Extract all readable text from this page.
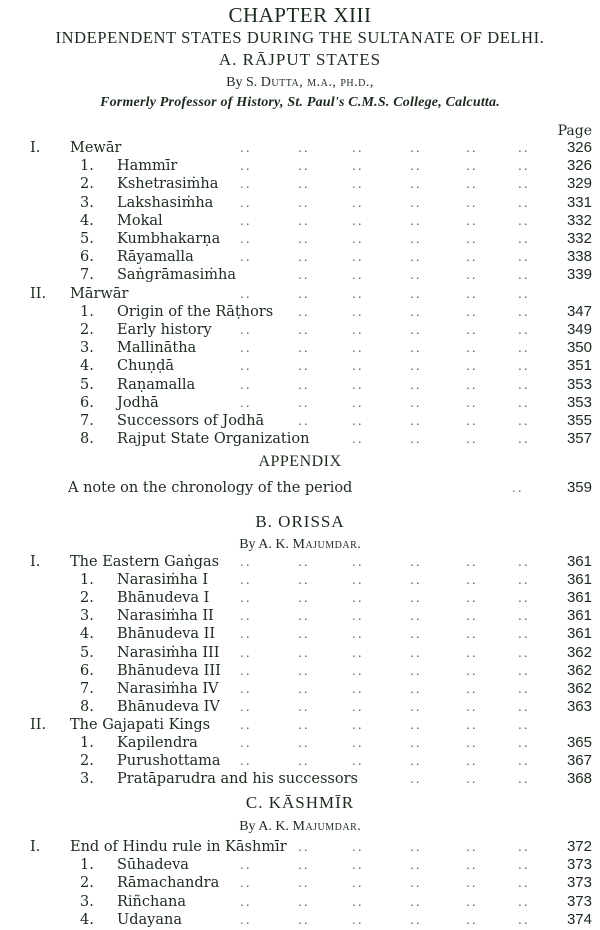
CHAPTER XIII
INDEPENDENT STATES DURING THE SULTANATE OF DELHI.
A. RĀJPUT STATES
By S. Dutta, m.a., ph.d.,
Formerly Professor of History, St. Paul's C.M.S. College, Calcutta.
Page
I. Mewār	..	..	..	..	..	.. 326
1. Hammīr	..	..	..	..	..	.. 326
2. Kshetrasiṁha ..	..	..	..	..	.. 329
3. Lakshasiṁha ..	..	..	..	..	.. 331
4. Mokal	..	..	..	..	..	.. 332
5. Kumbhakarṇa ..	..	..	..	..	.. 332
6. Rāyamalla	..	..	..	..	..	.. 338
7. Saṅgrāmasiṁha	..	..	..	..	.. 339
II. Mārwār	..	..	..	..	..	..
1. Origin of the Rāṭhors ..	..	..	..	.. 347
2. Early history ..	..	..	..	..	.. 349
3. Mallinātha	..	..	..	..	..	.. 350
4. Chuṇḍā	..	..	..	..	..	.. 351
5. Raṇamalla	..	..	..	..	..	.. 353
6. Jodhā	..	..	..	..	..	.. 353
7. Successors of Jodhā	..	..	..	..	.. 355
8. Rajput State Organization	..	..	..	.. 357
APPENDIX
A note on the chronology of the period	..	359
B. ORISSA
By A. K. Majumdar.
I. The Eastern Gaṅgas ..	..	..	..	..	.. 361
1. Narasiṁha I	..	..	..	..	..	.. 361
2. Bhānudeva I	..	..	..	..	..	.. 361
3. Narasiṁha II ..	..	..	..	..	.. 361
4. Bhānudeva II ..	..	..	..	..	.. 361
5. Narasiṁha III ..	..	..	..	..	.. 362
6. Bhānudeva III ..	..	..	..	..	.. 362
7. Narasiṁha IV ..	..	..	..	..	.. 362
8. Bhānudeva IV ..	..	..	..	..	.. 363
II. The Gajapati Kings ..	..	..	..	..	..
1. Kapilendra	..	..	..	..	..	.. 365
2. Purushottama ..	..	..	..	..	.. 367
3. Pratāparudra and his successors	..	..	.. 368
C. KĀSHMĪR
By A. K. Majumdar.
I. End of Hindu rule in Kāshmīr ..	..	..	..	.. 372
1. Sūhadeva	..	..	..	..	..	.. 373
2. Rāmachandra ..	..	..	..	..	.. 373
3. Riñchana	..	..	..	..	..	.. 373
4. Udayana	..	..	..	..	..	.. 374
